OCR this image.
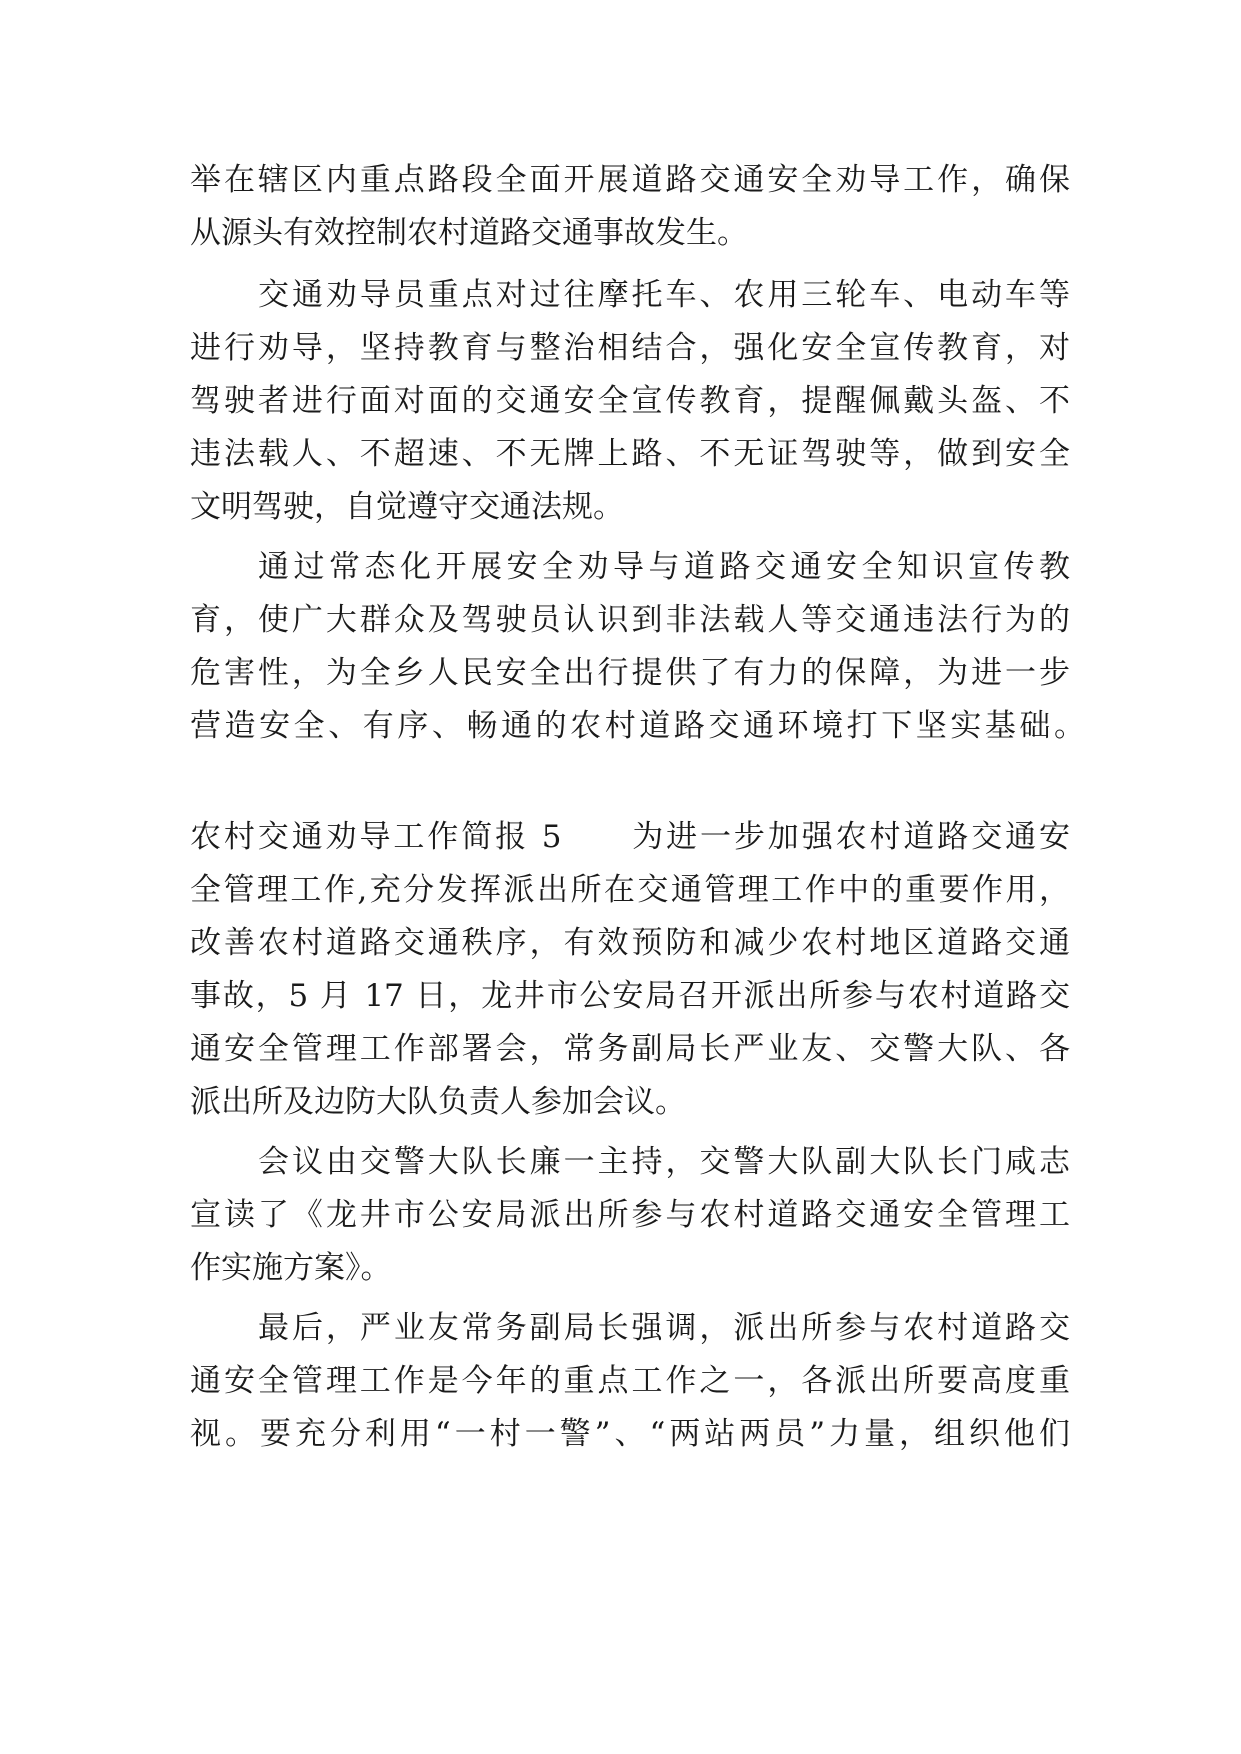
举在辖区内重点路段全面开展道路交通安全劝导工作，确保
从源头有效控制农村道路交通事故发生。
交通劝导员重点对过往摩托车、农用三轮车、电动车等
进行劝导，坚持教育与整治相结合，强化安全宣传教育，对
驾驶者进行面对面的交通安全宣传教育，提醒佩戴头盔、不
违法载人、不超速、不无牌上路、不无证驾驶等，做到安全
文明驾驶，自觉遵守交通法规。
通过常态化开展安全劝导与道路交通安全知识宣传教
育，使广大群众及驾驶员认识到非法载人等交通违法行为的
危害性，为全乡人民安全出行提供了有力的保障，为进一步
营造安全、有序、畅通的农村道路交通环境打下坚实基础。
农村交通劝导工作简报 5　　为进一步加强农村道路交通安
全管理工作,充分发挥派出所在交通管理工作中的重要作用，
改善农村道路交通秩序，有效预防和减少农村地区道路交通
事故，5 月 17 日，龙井市公安局召开派出所参与农村道路交
通安全管理工作部署会，常务副局长严业友、交警大队、各
派出所及边防大队负责人参加会议。
会议由交警大队长廉一主持，交警大队副大队长门咸志
宣读了《龙井市公安局派出所参与农村道路交通安全管理工
作实施方案》。
最后，严业友常务副局长强调，派出所参与农村道路交
通安全管理工作是今年的重点工作之一，各派出所要高度重
视。要充分利用“一村一警”、“两站两员”力量，组织他们
